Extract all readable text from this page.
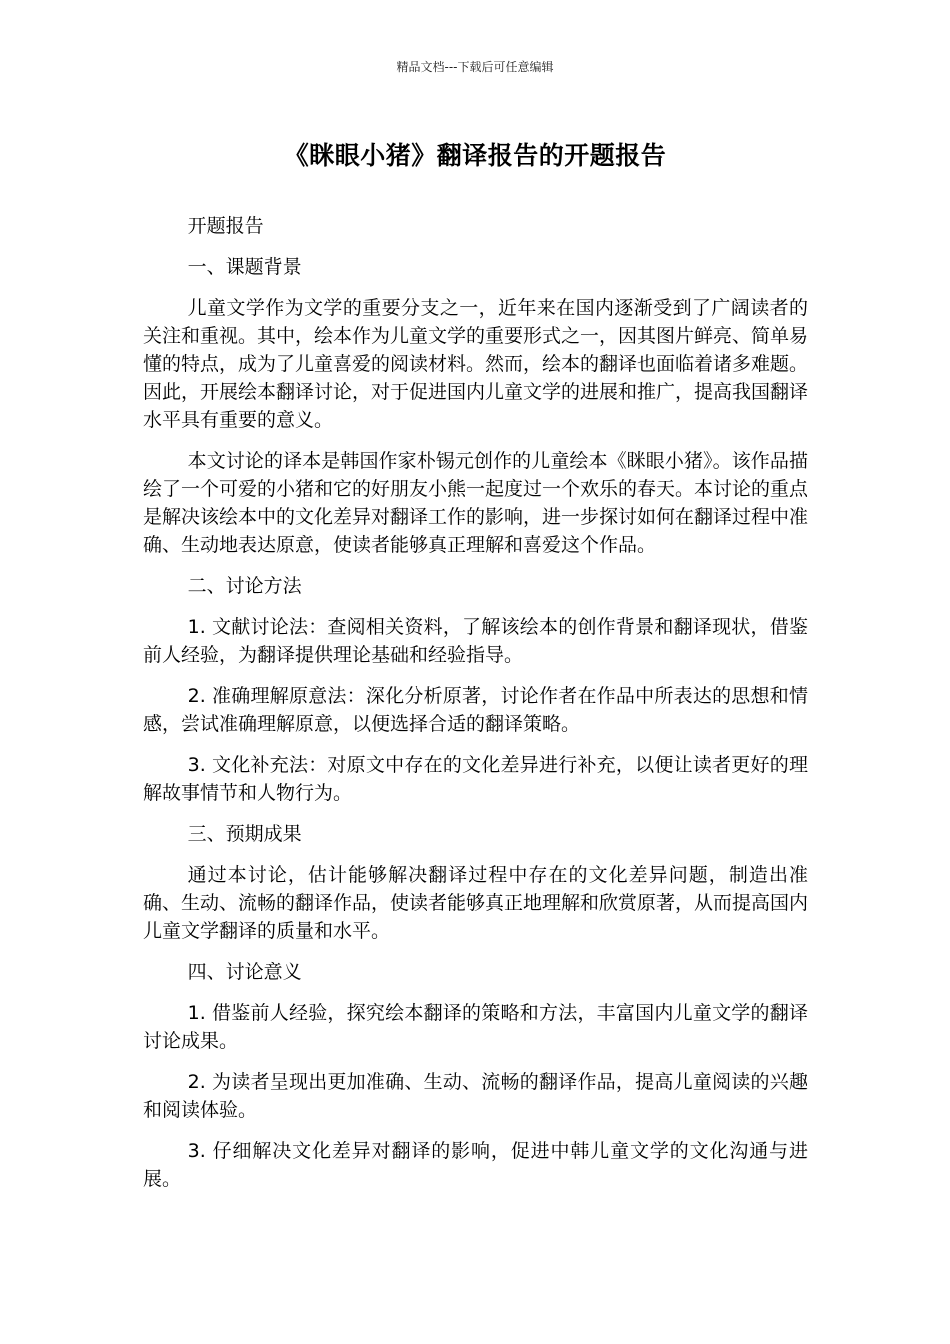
精品文档---下载后可任意编辑
《眯眼小猪》翻译报告的开题报告

开题报告

一、课题背景

儿童文学作为文学的重要分支之一，近年来在国内逐渐受到了广阔读者的关注和重视。其中，绘本作为儿童文学的重要形式之一，因其图片鲜亮、简单易懂的特点，成为了儿童喜爱的阅读材料。然而，绘本的翻译也面临着诸多难题。因此，开展绘本翻译讨论，对于促进国内儿童文学的进展和推广，提高我国翻译水平具有重要的意义。

本文讨论的译本是韩国作家朴锡元创作的儿童绘本《眯眼小猪》。该作品描绘了一个可爱的小猪和它的好朋友小熊一起度过一个欢乐的春天。本讨论的重点是解决该绘本中的文化差异对翻译工作的影响，进一步探讨如何在翻译过程中准确、生动地表达原意，使读者能够真正理解和喜爱这个作品。

二、讨论方法

1. 文献讨论法：查阅相关资料，了解该绘本的创作背景和翻译现状，借鉴前人经验，为翻译提供理论基础和经验指导。

2. 准确理解原意法：深化分析原著，讨论作者在作品中所表达的思想和情感，尝试准确理解原意，以便选择合适的翻译策略。

3. 文化补充法：对原文中存在的文化差异进行补充，以便让读者更好的理解故事情节和人物行为。

三、预期成果

通过本讨论，估计能够解决翻译过程中存在的文化差异问题，制造出准确、生动、流畅的翻译作品，使读者能够真正地理解和欣赏原著，从而提高国内儿童文学翻译的质量和水平。

四、讨论意义

1. 借鉴前人经验，探究绘本翻译的策略和方法，丰富国内儿童文学的翻译讨论成果。

2. 为读者呈现出更加准确、生动、流畅的翻译作品，提高儿童阅读的兴趣和阅读体验。

3. 仔细解决文化差异对翻译的影响，促进中韩儿童文学的文化沟通与进展。
